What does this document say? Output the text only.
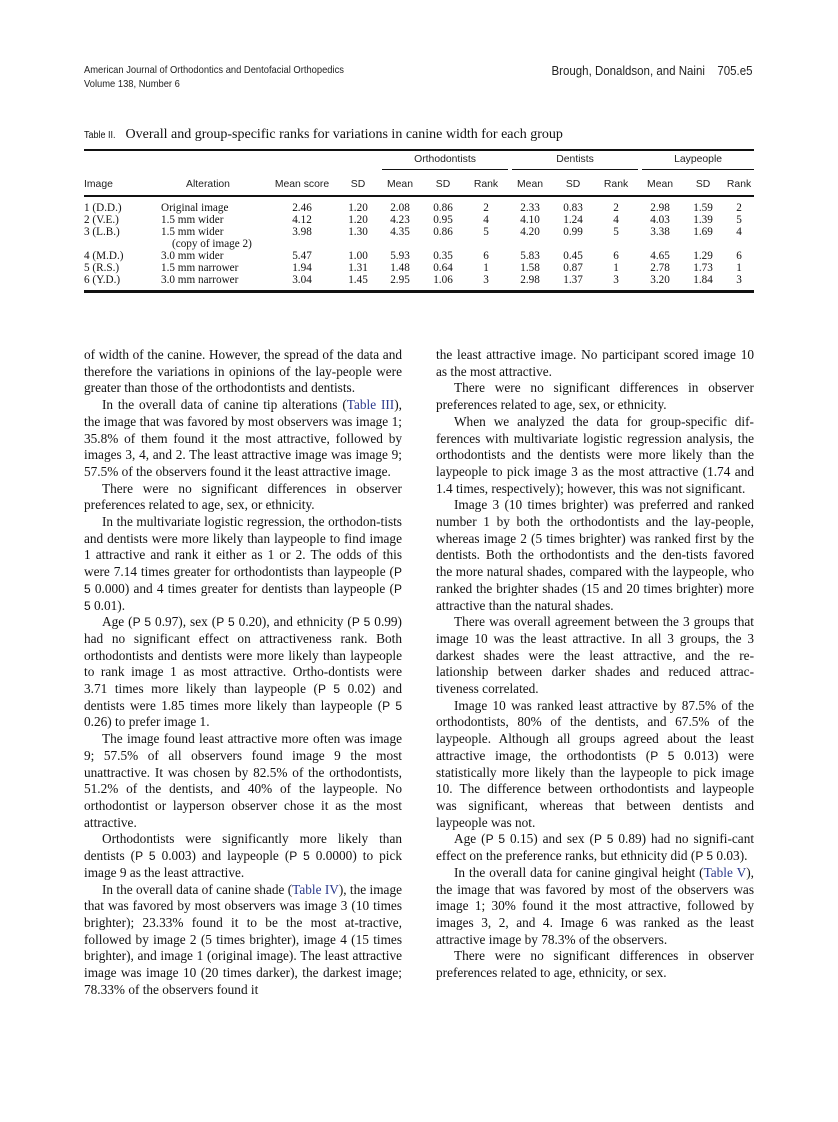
American Journal of Orthodontics and Dentofacial Orthopedics
Volume 138, Number 6
Brough, Donaldson, and Naini 705.e5
Table II. Overall and group-specific ranks for variations in canine width for each group

				Orthodontists			Dentists			Laypeople		

Image	Alteration	Mean score	SD	Mean	SD	Rank	Mean	SD	Rank	Mean	SD	Rank

1 (D.D.)	Original image	2.46	1.20	2.08	0.86	2	2.33	0.83	2	2.98	1.59	2
2 (V.E.)	1.5 mm wider	4.12	1.20	4.23	0.95	4	4.10	1.24	4	4.03	1.39	5
3 (L.B.)	1.5 mm wider	3.98	1.30	4.35	0.86	5	4.20	0.99	5	3.38	1.69	4
	(copy of image 2)											
4 (M.D.)	3.0 mm wider	5.47	1.00	5.93	0.35	6	5.83	0.45	6	4.65	1.29	6
5 (R.S.)	1.5 mm narrower	1.94	1.31	1.48	0.64	1	1.58	0.87	1	2.78	1.73	1
6 (Y.D.)	3.0 mm narrower	3.04	1.45	2.95	1.06	3	2.98	1.37	3	3.20	1.84	3

of width of the canine. However, the spread of the data and therefore the variations in opinions of the lay-people were greater than those of the orthodontists and dentists.

In the overall data of canine tip alterations (Table III), the image that was favored by most observers was image 1; 35.8% of them found it the most attractive, followed by images 3, 4, and 2. The least attractive image was image 9; 57.5% of the observers found it the least attractive image.

There were no significant differences in observer preferences related to age, sex, or ethnicity.

In the multivariate logistic regression, the orthodon-tists and dentists were more likely than laypeople to find image 1 attractive and rank it either as 1 or 2. The odds of this were 7.14 times greater for orthodontists than laypeople (P 5 0.000) and 4 times greater for dentists than laypeople (P 5 0.01).

Age (P 5 0.97), sex (P 5 0.20), and ethnicity (P 5 0.99) had no significant effect on attractiveness rank. Both orthodontists and dentists were more likely than laypeople to rank image 1 as most attractive. Ortho-dontists were 3.71 times more likely than laypeople (P 5 0.02) and dentists were 1.85 times more likely than laypeople (P 5 0.26) to prefer image 1.

The image found least attractive more often was image 9; 57.5% of all observers found image 9 the most unattractive. It was chosen by 82.5% of the orthodontists, 51.2% of the dentists, and 40% of the laypeople. No orthodontist or layperson observer chose it as the most attractive.

Orthodontists were significantly more likely than dentists (P 5 0.003) and laypeople (P 5 0.0000) to pick image 9 as the least attractive.

In the overall data of canine shade (Table IV), the image that was favored by most observers was image 3 (10 times brighter); 23.33% found it to be the most at-tractive, followed by image 2 (5 times brighter), image 4 (15 times brighter), and image 1 (original image). The least attractive image was image 10 (20 times darker), the darkest image; 78.33% of the observers found it

the least attractive image. No participant scored image 10 as the most attractive.

There were no significant differences in observer preferences related to age, sex, or ethnicity.

When we analyzed the data for group-specific dif-ferences with multivariate logistic regression analysis, the orthodontists and the dentists were more likely than the laypeople to pick image 3 as the most attractive (1.74 and 1.4 times, respectively); however, this was not significant.

Image 3 (10 times brighter) was preferred and ranked number 1 by both the orthodontists and the lay-people, whereas image 2 (5 times brighter) was ranked first by the dentists. Both the orthodontists and the den-tists favored the more natural shades, compared with the laypeople, who ranked the brighter shades (15 and 20 times brighter) more attractive than the natural shades.

There was overall agreement between the 3 groups that image 10 was the least attractive. In all 3 groups, the 3 darkest shades were the least attractive, and the re-lationship between darker shades and reduced attrac-tiveness correlated.

Image 10 was ranked least attractive by 87.5% of the orthodontists, 80% of the dentists, and 67.5% of the laypeople. Although all groups agreed about the least attractive image, the orthodontists (P 5 0.013) were statistically more likely than the laypeople to pick image 10. The difference between orthodontists and laypeople was significant, whereas that between dentists and laypeople was not.

Age (P 5 0.15) and sex (P 5 0.89) had no signifi-cant effect on the preference ranks, but ethnicity did (P 5 0.03).

In the overall data for canine gingival height (Table V), the image that was favored by most of the observers was image 1; 30% found it the most attractive, followed by images 3, 2, and 4. Image 6 was ranked as the least attractive image by 78.3% of the observers.

There were no significant differences in observer preferences related to age, ethnicity, or sex.
